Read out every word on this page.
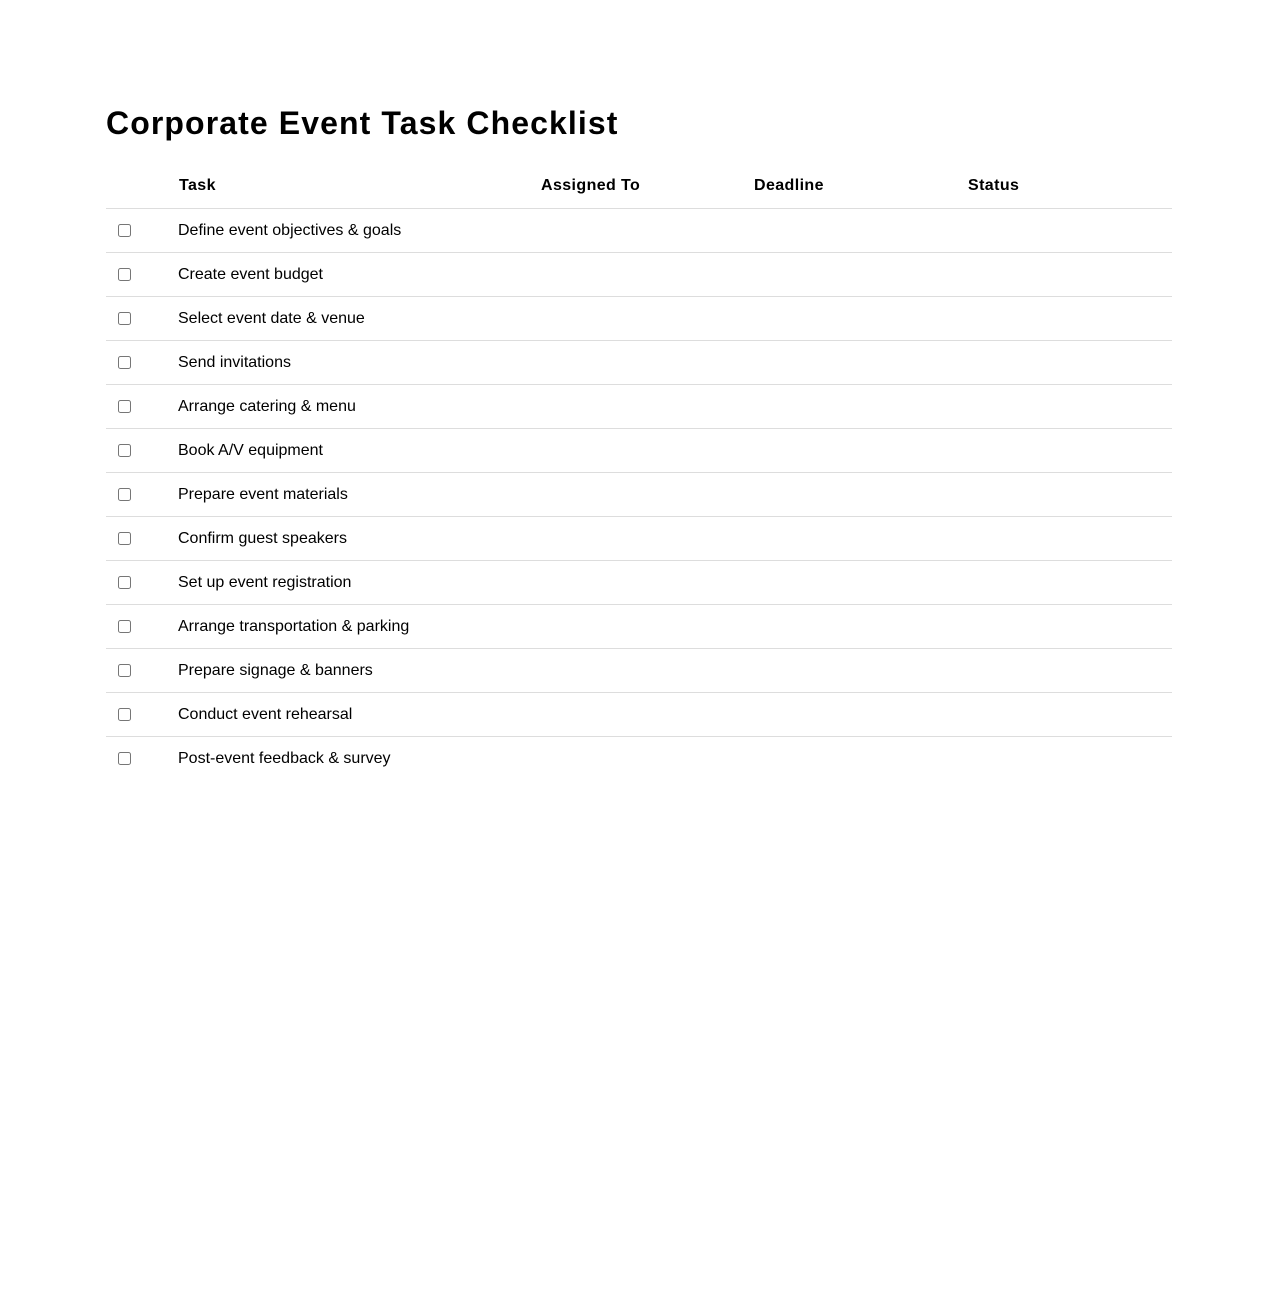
Corporate Event Task Checklist
	Task	Assigned To	Deadline	Status

	Define event objectives & goals			

	Create event budget			

	Select event date & venue			

	Send invitations			

	Arrange catering & menu			

	Book A/V equipment			

	Prepare event materials			

	Confirm guest speakers			

	Set up event registration			

	Arrange transportation & parking			

	Prepare signage & banners			

	Conduct event rehearsal			

	Post-event feedback & survey			
